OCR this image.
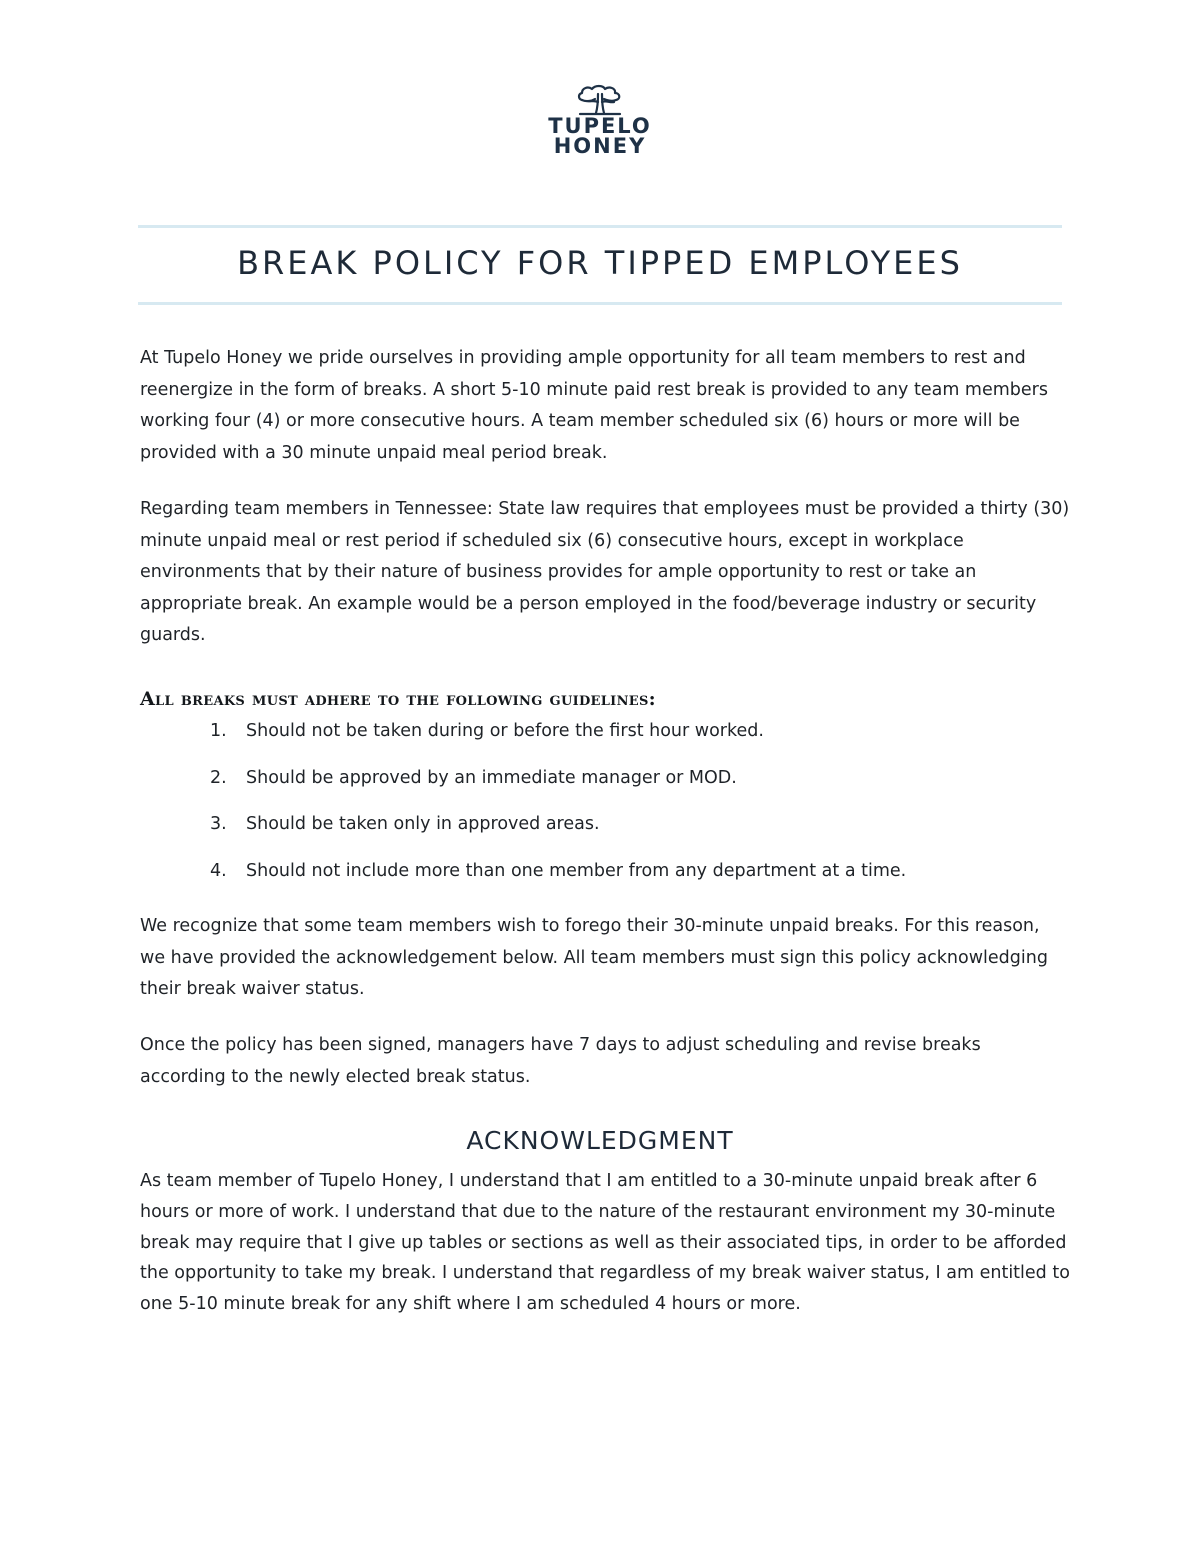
TUPELO
HONEY
BREAK POLICY FOR TIPPED EMPLOYEES

At Tupelo Honey we pride ourselves in providing ample opportunity for all team members to rest and reenergize in the form of breaks. A short 5-10 minute paid rest break is provided to any team members working four (4) or more consecutive hours. A team member scheduled six (6) hours or more will be provided with a 30 minute unpaid meal period break.

Regarding team members in Tennessee: State law requires that employees must be provided a thirty (30) minute unpaid meal or rest period if scheduled six (6) consecutive hours, except in workplace environments that by their nature of business provides for ample opportunity to rest or take an appropriate break. An example would be a person employed in the food/beverage industry or security guards.

All breaks must adhere to the following guidelines:
1.	Should not be taken during or before the first hour worked.
2.	Should be approved by an immediate manager or MOD.
3.	Should be taken only in approved areas.
4.	Should not include more than one member from any department at a time.

We recognize that some team members wish to forego their 30-minute unpaid breaks. For this reason, we have provided the acknowledgement below. All team members must sign this policy acknowledging their break waiver status.

Once the policy has been signed, managers have 7 days to adjust scheduling and revise breaks according to the newly elected break status.

ACKNOWLEDGMENT

As team member of Tupelo Honey, I understand that I am entitled to a 30-minute unpaid break after 6 hours or more of work. I understand that due to the nature of the restaurant environment my 30-minute break may require that I give up tables or sections as well as their associated tips, in order to be afforded the opportunity to take my break. I understand that regardless of my break waiver status, I am entitled to one 5-10 minute break for any shift where I am scheduled 4 hours or more.
